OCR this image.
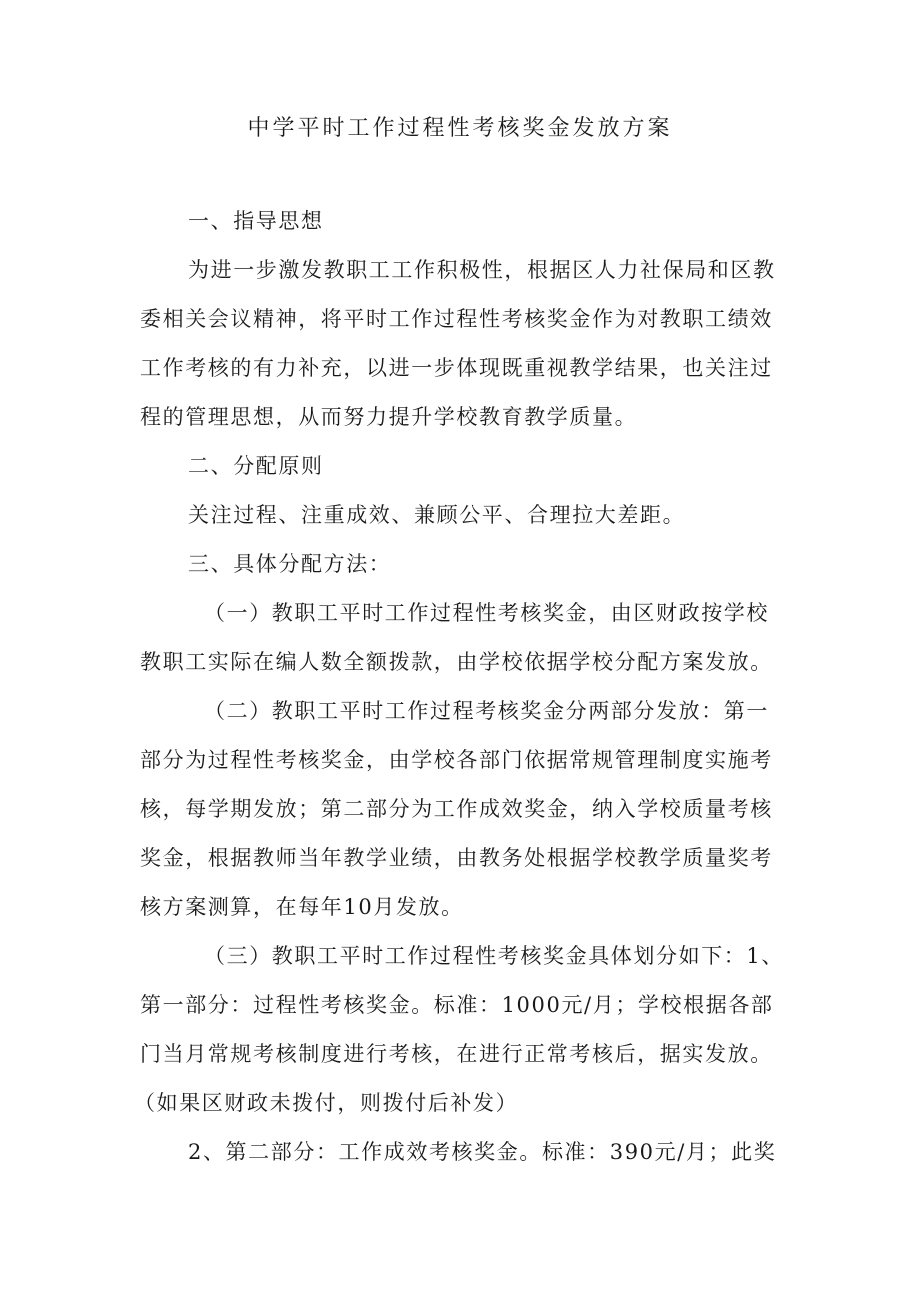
中学平时工作过程性考核奖金发放方案
一、指导思想
为进一步激发教职工工作积极性，根据区人力社保局和区教
委相关会议精神，将平时工作过程性考核奖金作为对教职工绩效
工作考核的有力补充，以进一步体现既重视教学结果，也关注过
程的管理思想，从而努力提升学校教育教学质量。
二、分配原则
关注过程、注重成效、兼顾公平、合理拉大差距。
三、具体分配方法：
（一）教职工平时工作过程性考核奖金，由区财政按学校
教职工实际在编人数全额拨款，由学校依据学校分配方案发放。
（二）教职工平时工作过程考核奖金分两部分发放：第一
部分为过程性考核奖金，由学校各部门依据常规管理制度实施考
核，每学期发放；第二部分为工作成效奖金，纳入学校质量考核
奖金，根据教师当年教学业绩，由教务处根据学校教学质量奖考
核方案测算，在每年10月发放。
（三）教职工平时工作过程性考核奖金具体划分如下：1、
第一部分：过程性考核奖金。标准：1000元/月；学校根据各部
门当月常规考核制度进行考核，在进行正常考核后，据实发放。
（如果区财政未拨付，则拨付后补发）
2、第二部分：工作成效考核奖金。标准：390元/月；此奖
